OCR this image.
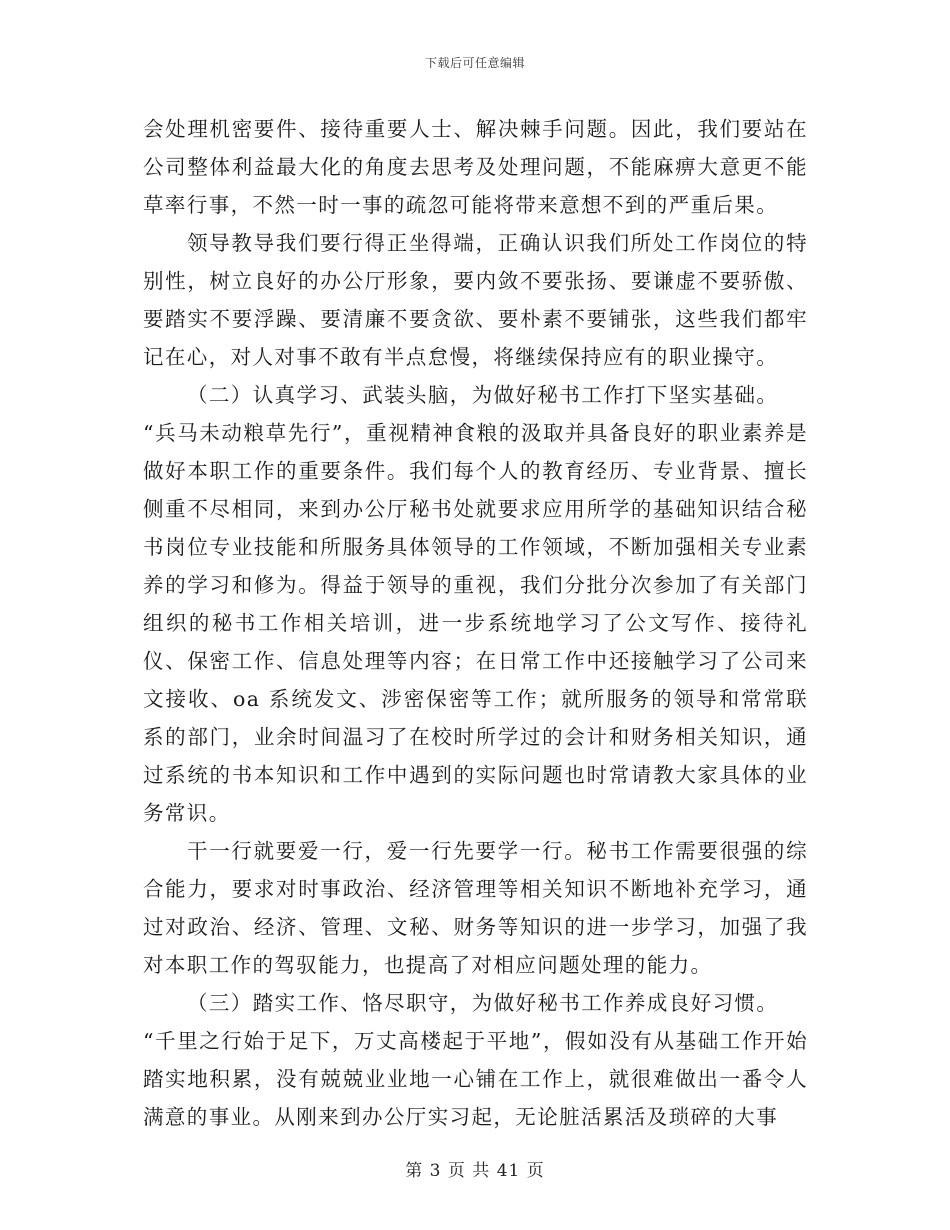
下载后可任意编辑

会处理机密要件、接待重要人士、解决棘手问题。因此，我们要站在公司整体利益最大化的角度去思考及处理问题，不能麻痹大意更不能草率行事，不然一时一事的疏忽可能将带来意想不到的严重后果。

领导教导我们要行得正坐得端，正确认识我们所处工作岗位的特别性，树立良好的办公厅形象，要内敛不要张扬、要谦虚不要骄傲、要踏实不要浮躁、要清廉不要贪欲、要朴素不要铺张，这些我们都牢记在心，对人对事不敢有半点怠慢，将继续保持应有的职业操守。

（二）认真学习、武装头脑，为做好秘书工作打下坚实基础。

“兵马未动粮草先行”，重视精神食粮的汲取并具备良好的职业素养是做好本职工作的重要条件。我们每个人的教育经历、专业背景、擅长侧重不尽相同，来到办公厅秘书处就要求应用所学的基础知识结合秘书岗位专业技能和所服务具体领导的工作领域，不断加强相关专业素养的学习和修为。得益于领导的重视，我们分批分次参加了有关部门组织的秘书工作相关培训，进一步系统地学习了公文写作、接待礼仪、保密工作、信息处理等内容；在日常工作中还接触学习了公司来文接收、oa 系统发文、涉密保密等工作；就所服务的领导和常常联系的部门，业余时间温习了在校时所学过的会计和财务相关知识，通过系统的书本知识和工作中遇到的实际问题也时常请教大家具体的业务常识。

干一行就要爱一行，爱一行先要学一行。秘书工作需要很强的综合能力，要求对时事政治、经济管理等相关知识不断地补充学习，通过对政治、经济、管理、文秘、财务等知识的进一步学习，加强了我对本职工作的驾驭能力，也提高了对相应问题处理的能力。

（三）踏实工作、恪尽职守，为做好秘书工作养成良好习惯。

“千里之行始于足下，万丈高楼起于平地”，假如没有从基础工作开始踏实地积累，没有兢兢业业地一心铺在工作上，就很难做出一番令人满意的事业。从刚来到办公厅实习起，无论脏活累活及琐碎的大事

第 3 页 共 41 页
